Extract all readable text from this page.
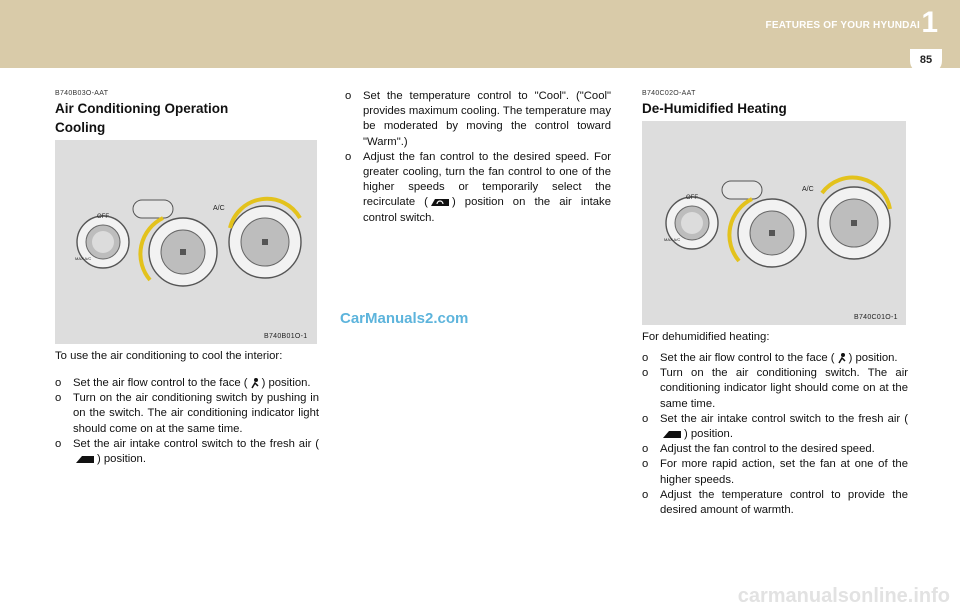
FEATURES OF YOUR HYUNDAI 1
85
B740B03O-AAT
Air Conditioning Operation
Cooling
OFF
MAX A/C
A/C
B740B01O-1
To use the air conditioning to cool the interior:
o Set the air flow control to the face ( ) position.
o Turn on the air conditioning switch by pushing in on the switch. The air conditioning indicator light should come on at the same time.
o Set the air intake control switch to the fresh air () position.
o Set the temperature control to "Cool". ("Cool" provides maximum cooling. The temperature may be moderated by moving the control toward "Warm".)
o Adjust the fan control to the desired speed. For greater cooling, turn the fan control to one of the higher speeds or temporarily select the recirculate ( ) position on the air intake control switch.
CarManuals2.com
B740C02O-AAT
De-Humidified Heating
OFF
MAX A/C
A/C
B740C01O-1
For dehumidified heating:
o Set the air flow control to the face ( ) position.
o Turn on the air conditioning switch. The air conditioning indicator light should come on at the same time.
o Set the air intake control switch to the fresh air () position.
o Adjust the fan control to the desired speed.
o For more rapid action, set the fan at one of the higher speeds.
o Adjust the temperature control to provide the desired amount of warmth.
carmanualsonline.info
